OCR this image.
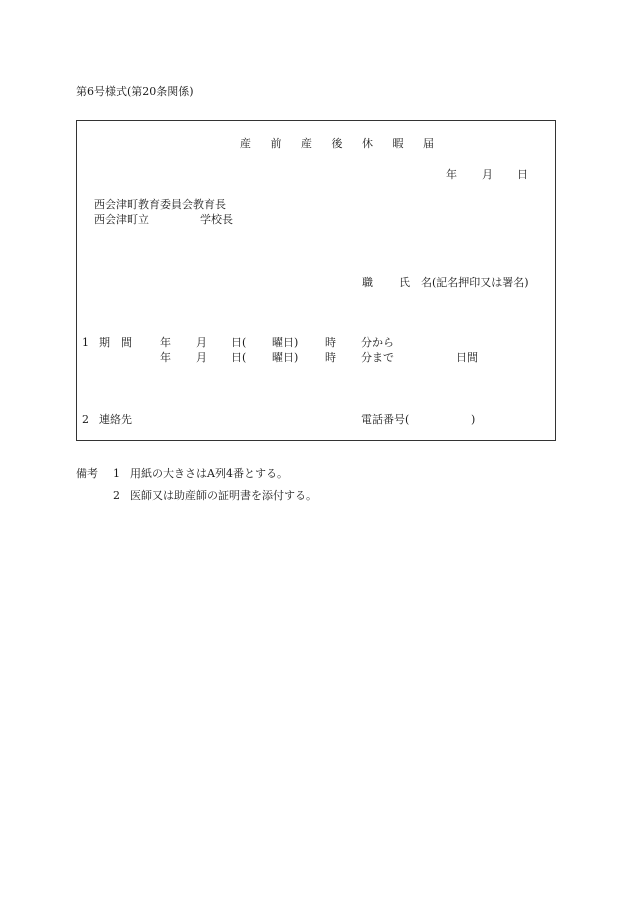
第6号様式(第20条関係)
産 前 産 後 休 暇 届
年 月 日
西会津町教育委員会教育長
西会津町立	学校長
職 氏　名(記名押印又は署名)
1 期　間	年 月 日( 曜日) 時 分から
年 月 日( 曜日) 時 分まで	日間
2 連絡先	電話番号(	)
備考 1 用紙の大きさはA列4番とする。
2 医師又は助産師の証明書を添付する。
